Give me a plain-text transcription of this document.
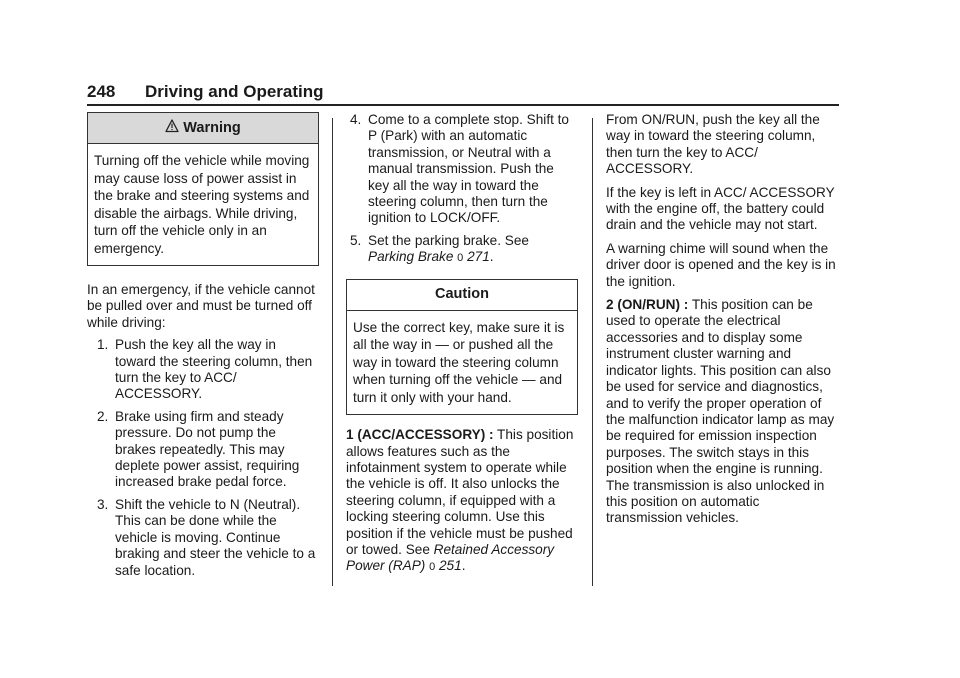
248 Driving and Operating
Warning
Turning off the vehicle while moving may cause loss of power assist in the brake and steering systems and disable the airbags. While driving, turn off the vehicle only in an emergency.

In an emergency, if the vehicle cannot be pulled over and must be turned off while driving:

1. Push the key all the way in toward the steering column, then turn the key to ACC/ ACCESSORY.
2. Brake using firm and steady pressure. Do not pump the brakes repeatedly. This may deplete power assist, requiring increased brake pedal force.
3. Shift the vehicle to N (Neutral). This can be done while the vehicle is moving. Continue braking and steer the vehicle to a safe location.
4. Come to a complete stop. Shift to P (Park) with an automatic transmission, or Neutral with a manual transmission. Push the key all the way in toward the steering column, then turn the ignition to LOCK/OFF.
5. Set the parking brake. See Parking Brake 0 271.
Caution
Use the correct key, make sure it is all the way in — or pushed all the way in toward the steering column when turning off the vehicle — and turn it only with your hand.

1 (ACC/ACCESSORY) : This position allows features such as the infotainment system to operate while the vehicle is off. It also unlocks the steering column, if equipped with a locking steering column. Use this position if the vehicle must be pushed or towed. See Retained Accessory Power (RAP) 0 251.

From ON/RUN, push the key all the way in toward the steering column, then turn the key to ACC/ ACCESSORY.

If the key is left in ACC/ ACCESSORY with the engine off, the battery could drain and the vehicle may not start.

A warning chime will sound when the driver door is opened and the key is in the ignition.

2 (ON/RUN) : This position can be used to operate the electrical accessories and to display some instrument cluster warning and indicator lights. This position can also be used for service and diagnostics, and to verify the proper operation of the malfunction indicator lamp as may be required for emission inspection purposes. The switch stays in this position when the engine is running. The transmission is also unlocked in this position on automatic transmission vehicles.
